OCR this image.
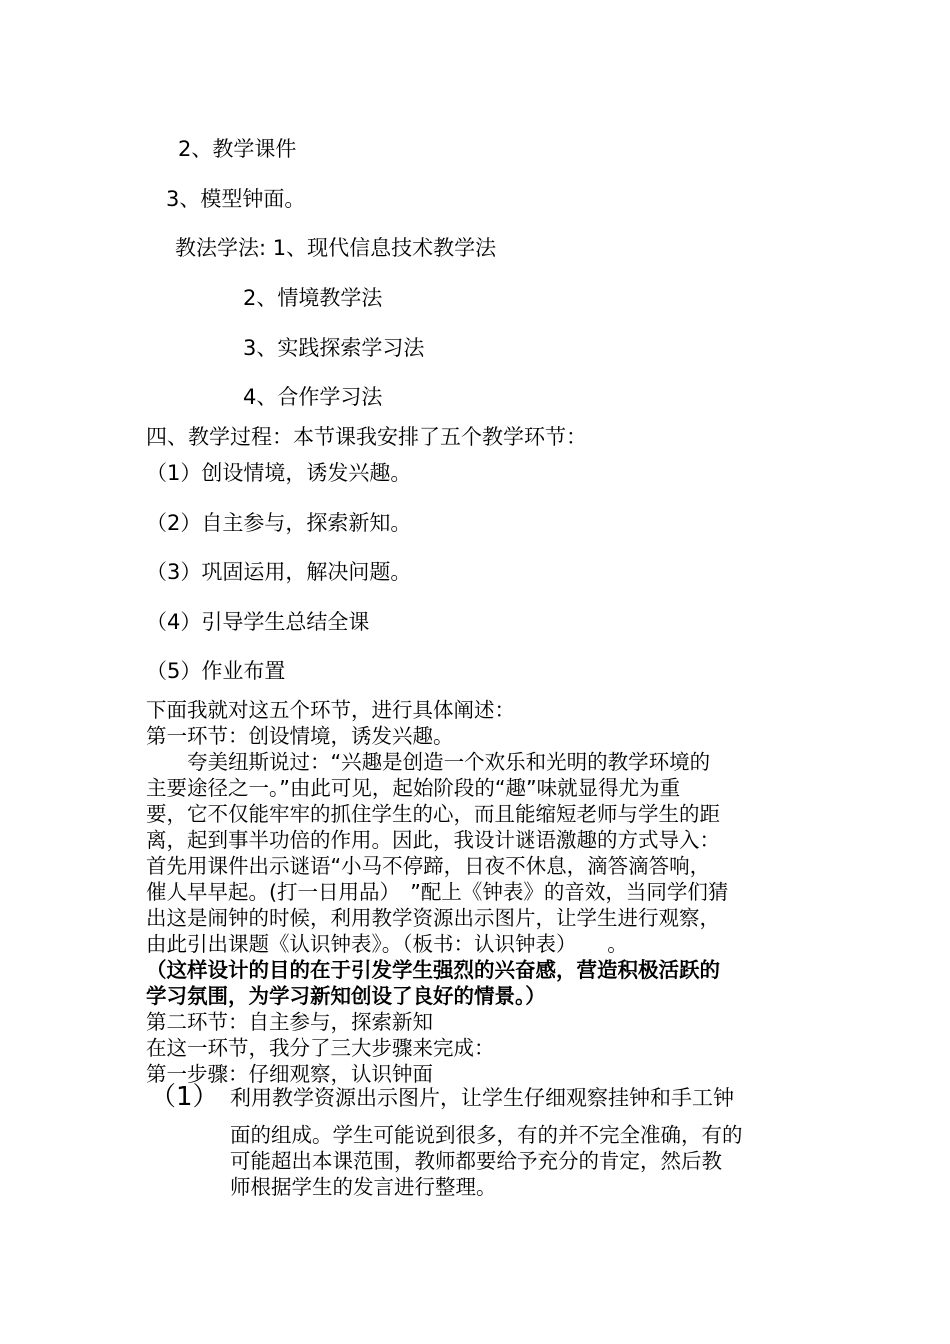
2、教学课件
3、模型钟面。
教法学法: 1、现代信息技术教学法
2、情境教学法
3、实践探索学习法
4、合作学习法
四、教学过程：本节课我安排了五个教学环节：
（1）创设情境，诱发兴趣。
（2）自主参与，探索新知。
（3）巩固运用，解决问题。
（4）引导学生总结全课
（5）作业布置
下面我就对这五个环节，进行具体阐述：
第一环节：创设情境，诱发兴趣。
　　夸美纽斯说过：“兴趣是创造一个欢乐和光明的教学环境的
主要途径之一。”由此可见，起始阶段的“趣”味就显得尤为重
要，它不仅能牢牢的抓住学生的心，而且能缩短老师与学生的距
离，起到事半功倍的作用。因此，我设计谜语激趣的方式导入：
首先用课件出示谜语“小马不停蹄，日夜不休息，滴答滴答响，
催人早早起。(打一日用品）　”配上《钟表》的音效，当同学们猜
出这是闹钟的时候，利用教学资源出示图片，让学生进行观察，
由此引出课题《认识钟表》。（板书：认识钟表）　　。
（这样设计的目的在于引发学生强烈的兴奋感，营造积极活跃的
学习氛围，为学习新知创设了良好的情景。）
第二环节：自主参与，探索新知
在这一环节，我分了三大步骤来完成：
第一步骤：仔细观察，认识钟面
（1） 利用教学资源出示图片，让学生仔细观察挂钟和手工钟
面的组成。学生可能说到很多，有的并不完全准确，有的
可能超出本课范围，教师都要给予充分的肯定，然后教
师根据学生的发言进行整理。
